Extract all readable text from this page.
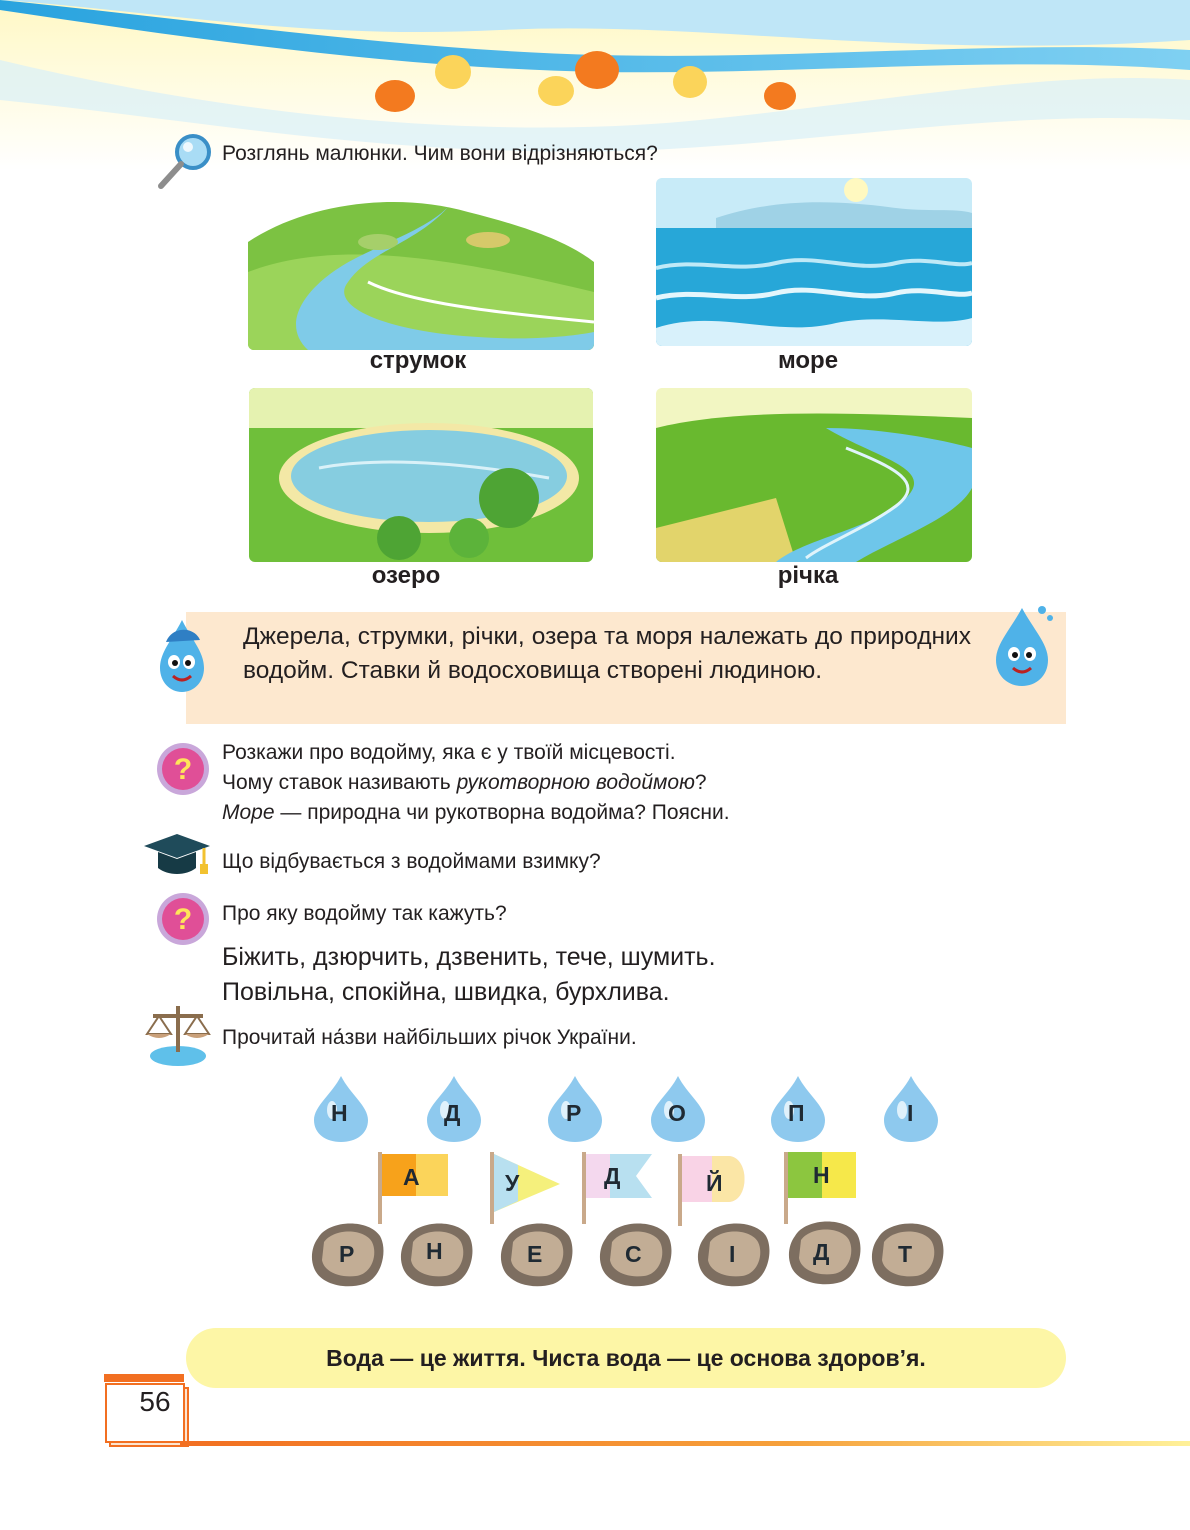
Розглянь малюнки. Чим вони відрізняються?
струмок	море
озеро	річка
Джерела, струмки, річки, озера та моря належать до природних водойм. Ставки й водосховища створені людиною.
?
Розкажи про водойму, яка є у твоїй місцевості.
Чому ставок називають рукотворною водоймою?
Море — природна чи рукотворна водойма? Поясни.
Що відбувається з водоймами взимку?
? Про яку водойму так кажуть?
Біжить, дзюрчить, дзвенить, тече, шумить.
Повільна, спокійна, швидка, бурхлива.
Прочитай назви найбільших річок України.
Н	Д	Р	О	П	І
А	У	Д	Й	Н
Р	Н	Е	С	І	Д	Т
Вода — це життя. Чиста вода — це основа здоров’я.
56
